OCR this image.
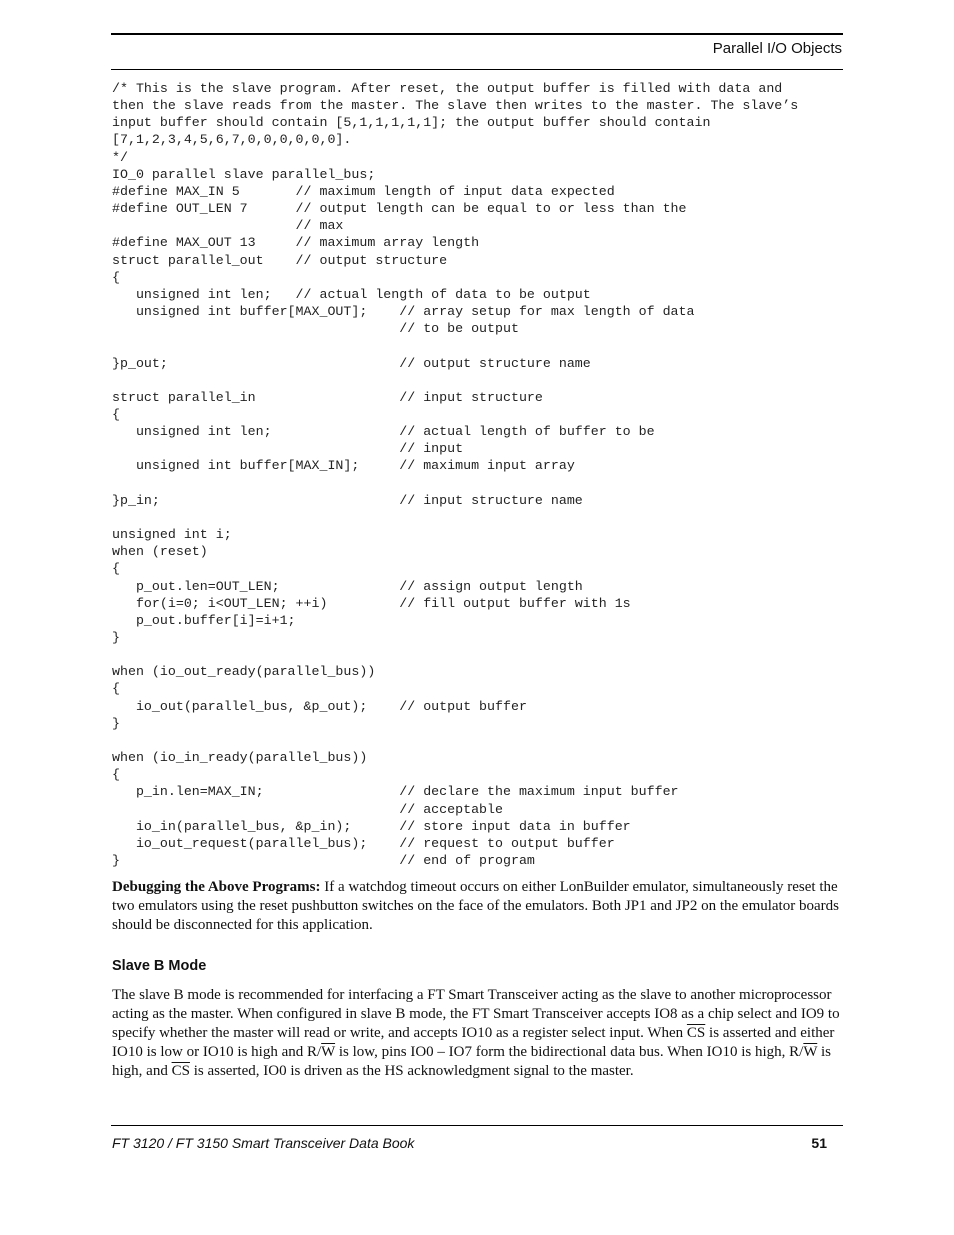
Parallel I/O Objects
/* This is the slave program. After reset, the output buffer is filled with data and
then the slave reads from the master. The slave then writes to the master. The slave’s
input buffer should contain [5,1,1,1,1,1]; the output buffer should contain
[7,1,2,3,4,5,6,7,0,0,0,0,0,0].
*/
IO_0 parallel slave parallel_bus;
#define MAX_IN 5       // maximum length of input data expected
#define OUT_LEN 7      // output length can be equal to or less than the
// max
#define MAX_OUT 13     // maximum array length
struct parallel_out    // output structure
{
unsigned int len;   // actual length of data to be output
unsigned int buffer[MAX_OUT];    // array setup for max length of data
// to be output

}p_out;                             // output structure name

struct parallel_in                  // input structure
{
unsigned int len;                // actual length of buffer to be
// input
unsigned int buffer[MAX_IN];     // maximum input array

}p_in;                              // input structure name

unsigned int i;
when (reset)
{
p_out.len=OUT_LEN;               // assign output length
for(i=0; i<OUT_LEN; ++i)         // fill output buffer with 1s
p_out.buffer[i]=i+1;
}

when (io_out_ready(parallel_bus))
{
io_out(parallel_bus, &p_out);    // output buffer
}

when (io_in_ready(parallel_bus))
{
p_in.len=MAX_IN;                 // declare the maximum input buffer
// acceptable
io_in(parallel_bus, &p_in);      // store input data in buffer
io_out_request(parallel_bus);    // request to output buffer
}                                   // end of program

Debugging the Above Programs: If a watchdog timeout occurs on either LonBuilder emulator, simultaneously reset the two emulators using the reset pushbutton switches on the face of the emulators. Both JP1 and JP2 on the emulator boards should be disconnected for this application.

Slave B Mode

The slave B mode is recommended for interfacing a FT Smart Transceiver acting as the slave to another microprocessor acting as the master. When configured in slave B mode, the FT Smart Transceiver accepts IO8 as a chip select and IO9 to specify whether the master will read or write, and accepts IO10 as a register select input. When $\overline{CS}$ is asserted and either IO10 is low or IO10 is high and $R/\overline{W}$ is low, pins IO0 – IO7 form the bidirectional data bus. When IO10 is high, $R/\overline{W}$ is high, and $\overline{CS}$ is asserted, IO0 is driven as the HS acknowledgment signal to the master.

FT 3120 / FT 3150 Smart Transceiver Data Book	51
